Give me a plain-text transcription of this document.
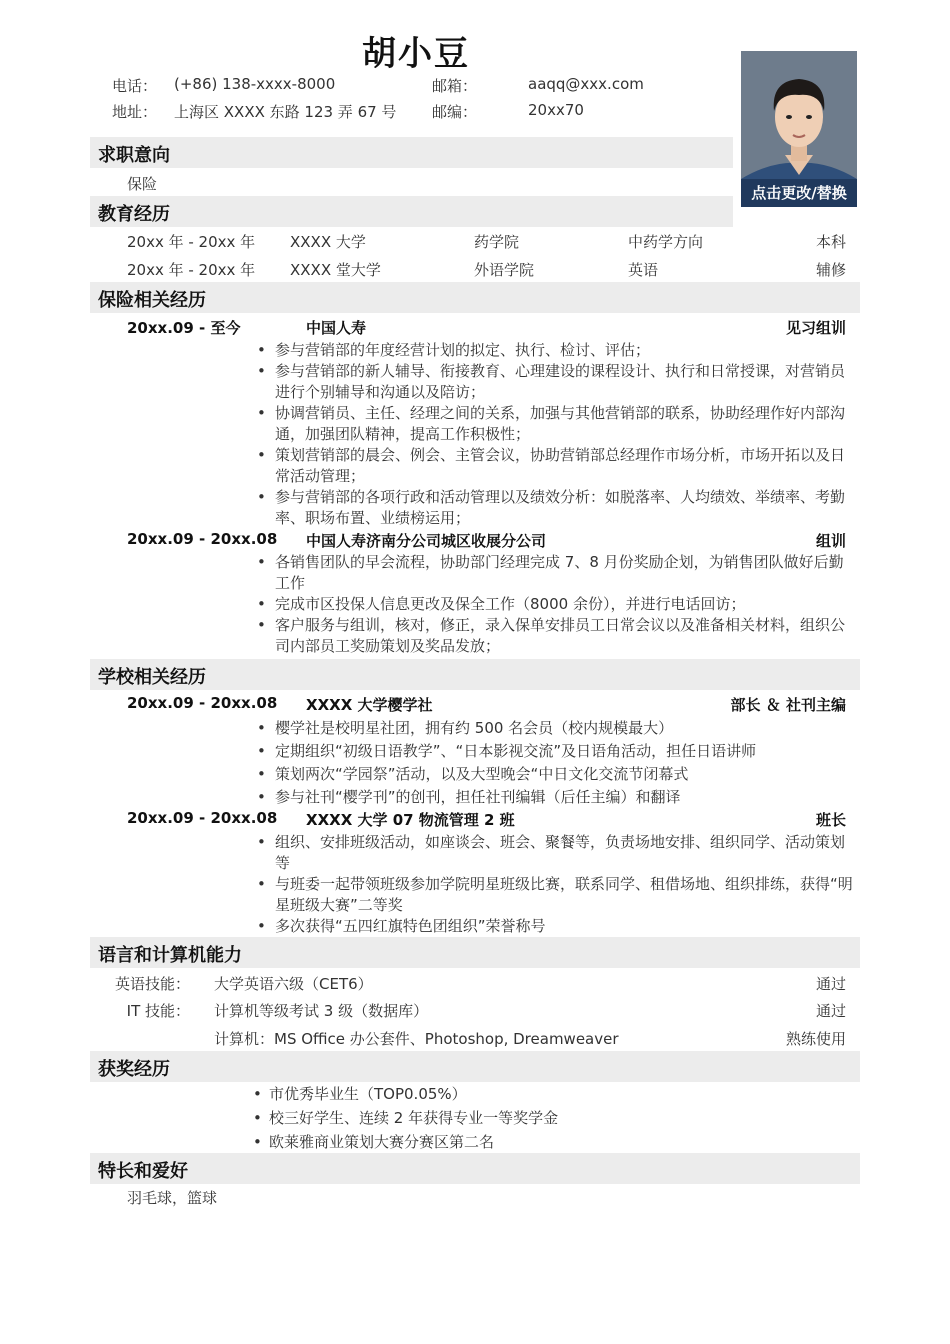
胡小豆
电话： (+86) 138-xxxx-8000	邮箱：	aaqq@xxx.com
地址： 上海区 XXXX 东路 123 弄 67 号 邮编：	20xx70
点击更改/替换
求职意向
保险
教育经历
20xx 年 - 20xx 年 XXXX 大学	药学院	中药学方向	本科
20xx 年 - 20xx 年 XXXX 堂大学	外语学院	英语	辅修
保险相关经历
20xx.09 - 至今	中国人寿	见习组训
• 参与营销部的年度经营计划的拟定、执行、检讨、评估；
• 参与营销部的新人辅导、衔接教育、心理建设的课程设计、执行和日常授课，对营销员进行个别辅导和沟通以及陪访；
• 协调营销员、主任、经理之间的关系，加强与其他营销部的联系，协助经理作好内部沟通，加强团队精神，提高工作积极性；
• 策划营销部的晨会、例会、主管会议，协助营销部总经理作市场分析，市场开拓以及日常活动管理；
• 参与营销部的各项行政和活动管理以及绩效分析：如脱落率、人均绩效、举绩率、考勤率、职场布置、业绩榜运用；
20xx.09 - 20xx.08 中国人寿济南分公司城区收展分公司	组训
• 各销售团队的早会流程，协助部门经理完成 7、8 月份奖励企划，为销售团队做好后勤工作
• 完成市区投保人信息更改及保全工作（8000 余份），并进行电话回访；
• 客户服务与组训，核对，修正，录入保单安排员工日常会议以及准备相关材料，组织公司内部员工奖励策划及奖品发放；
学校相关经历
20xx.09 - 20xx.08 XXXX 大学樱学社	部长 ＆ 社刊主编
• 樱学社是校明星社团，拥有约 500 名会员（校内规模最大）
• 定期组织“初级日语教学”、“日本影视交流”及日语角活动，担任日语讲师
• 策划两次“学园祭”活动，以及大型晚会“中日文化交流节闭幕式
• 参与社刊“樱学刊”的创刊，担任社刊编辑（后任主编）和翻译
20xx.09 - 20xx.08 XXXX 大学 07 物流管理 2 班	班长
• 组织、安排班级活动，如座谈会、班会、聚餐等，负责场地安排、组织同学、活动策划等
• 与班委一起带领班级参加学院明星班级比赛，联系同学、租借场地、组织排练，获得“明星班级大赛”二等奖
• 多次获得“五四红旗特色团组织”荣誉称号
语言和计算机能力
英语技能： 大学英语六级（CET6）	通过
IT 技能： 计算机等级考试 3 级（数据库）	通过
计算机：MS Office 办公套件、Photoshop, Dreamweaver	熟练使用
获奖经历
• 市优秀毕业生（TOP0.05%）
• 校三好学生、连续 2 年获得专业一等奖学金
• 欧莱雅商业策划大赛分赛区第二名
特长和爱好
羽毛球，篮球
